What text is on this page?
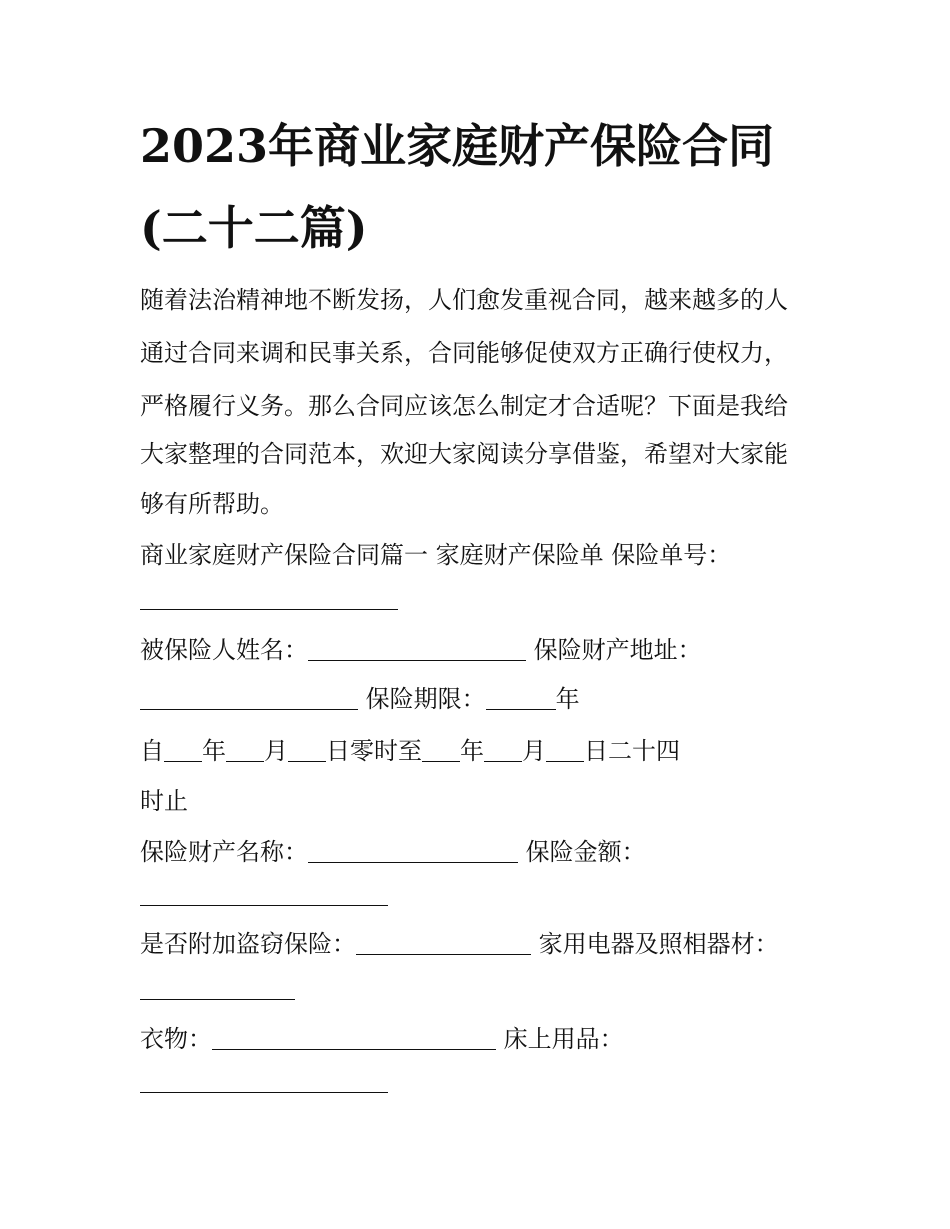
2023年商业家庭财产保险合同
(二十二篇)

随着法治精神地不断发扬，人们愈发重视合同，越来越多的人

通过合同来调和民事关系，合同能够促使双方正确行使权力，

严格履行义务。那么合同应该怎么制定才合适呢？下面是我给

大家整理的合同范本，欢迎大家阅读分享借鉴，希望对大家能

够有所帮助。

商业家庭财产保险合同篇一 家庭财产保险单 保险单号：

被保险人姓名：	保险财产地址：

保险期限：	年

自 年 月 日零时至 年 月 日二十四

时止

保险财产名称：	保险金额：

是否附加盗窃保险：	家用电器及照相器材：

衣物：	床上用品：
